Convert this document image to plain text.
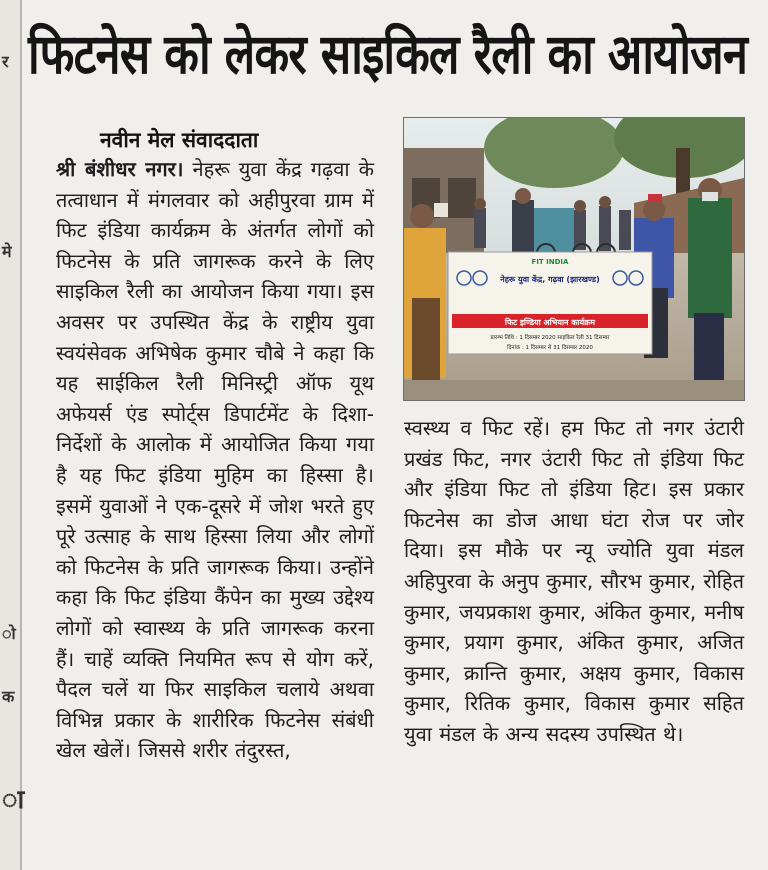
र
मे
ो
क
ा
फिटनेस को लेकर साइकिल रैली का आयोजन
नवीन मेल संवाददाता
श्री बंशीधर नगर। नेहरू युवा केंद्र गढ़वा के तत्वाधान में मंगलवार को अहीपुरवा ग्राम में फिट इंडिया कार्यक्रम के अंतर्गत लोगों को फिटनेस के प्रति जागरूक करने के लिए साइकिल रैली का आयोजन किया गया। इस अवसर पर उपस्थित केंद्र के राष्ट्रीय युवा स्वयंसेवक अभिषेक कुमार चौबे ने कहा कि यह साईकिल रैली मिनिस्ट्री ऑफ यूथ अफेयर्स एंड स्पोर्ट्स डिपार्टमेंट के दिशा-निर्देशों के आलोक में आयोजित किया गया है यह फिट इंडिया मुहिम का हिस्सा है। इसमें युवाओं ने एक-दूसरे में जोश भरते हुए पूरे उत्साह के साथ हिस्सा लिया और लोगों को फिटनेस के प्रति जागरूक किया। उन्होंने कहा कि फिट इंडिया कैंपेन का मुख्य उद्देश्य लोगों को स्वास्थ्य के प्रति जागरूक करना हैं। चाहें व्यक्ति नियमित रूप से योग करें, पैदल चलें या फिर साइकिल चलाये अथवा विभिन्न प्रकार के शारीरिक फिटनेस संबंधी खेल खेलें। जिससे शरीर तंदुरस्त,
FIT INDIA
नेहरू युवा केंद्र, गढ़वा (झारखण्ड)
फिट इण्डिया अभियान कार्यक्रम
प्रारम्भ तिथि : 1 दिसम्बर 2020 साइकिल रैली 31 दिसम्बर
दिनांक : 1 दिसम्बर से 31 दिसम्बर 2020
स्वस्थ्य व फिट रहें। हम फिट तो नगर उंटारी प्रखंड फिट, नगर उंटारी फिट तो इंडिया फिट और इंडिया फिट तो इंडिया हिट। इस प्रकार फिटनेस का डोज आधा घंटा रोज पर जोर दिया। इस मौके पर न्यू ज्योति युवा मंडल अहिपुरवा के अनुप कुमार, सौरभ कुमार, रोहित कुमार, जयप्रकाश कुमार, अंकित कुमार, मनीष कुमार, प्रयाग कुमार, अंकित कुमार, अजित कुमार, क्रान्ति कुमार, अक्षय कुमार, विकास कुमार, रितिक कुमार, विकास कुमार सहित युवा मंडल के अन्य सदस्य उपस्थित थे।
